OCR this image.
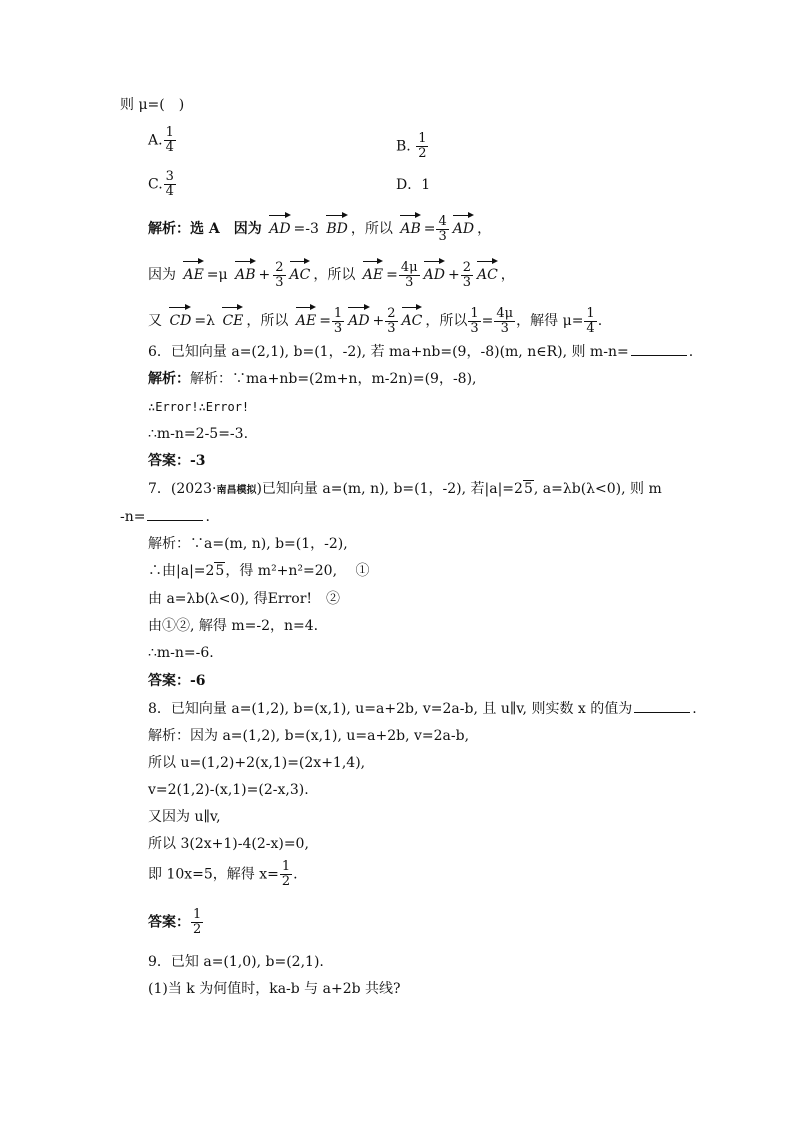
则 μ=(　)
A. $\frac{1}{4}$	B. $\frac{1}{2}$
C. $\frac{3}{4}$	D．1
解析：选 A　因为 AD =-3 BD ，所以 AB = $\frac{4}{3}$ AD ，
因为 AE =μ AB + $\frac{2}{3}$ AC ，所以 AE = $\frac{4\mu}{3}$ AD + $\frac{2}{3}$ AC ，
又 CD =λ CE ，所以 AE = $\frac{1}{3}$ AD + $\frac{2}{3}$ AC ，所以 $\frac{1}{3} = \frac{4\mu}{3}$ ，解得 $\mu= \frac{1}{4}$ .
6．已知向量 a=(2,1), b=(1，-2), 若 ma+nb=(9，-8)(m, n∈R), 则 m-n=	.
解析：解析：∵ma+nb=(2m+n，m-2n)=(9，-8),
∴Error!∴Error!
∴m-n=2-5=-3.
答案：-3
7．(2023·南昌模拟)已知向量 a=(m, n), b=(1，-2), 若|a|=25, a=λb(λ<0), 则 m
-n=	.
解析：∵a=(m, n), b=(1，-2),
∴由|a|=25，得 m²+n²=20,　 ①
由 a=λb(λ<0), 得Error!　②
由①②, 解得 m=-2，n=4.
∴m-n=-6.
答案：-6
8．已知向量 a=(1,2), b=(x,1), u=a+2b, v=2a-b, 且 u∥v, 则实数 x 的值为	.
解析：因为 a=(1,2), b=(x,1), u=a+2b, v=2a-b,
所以 u=(1,2)+2(x,1)=(2x+1,4),
v=2(1,2)-(x,1)=(2-x,3).
又因为 u∥v,
所以 3(2x+1)-4(2-x)=0,
即 10x=5，解得 $x= \frac{1}{2}$ .
答案： $\frac{1}{2}$
9．已知 a=(1,0), b=(2,1).
(1)当 k 为何值时，ka-b 与 a+2b 共线?
